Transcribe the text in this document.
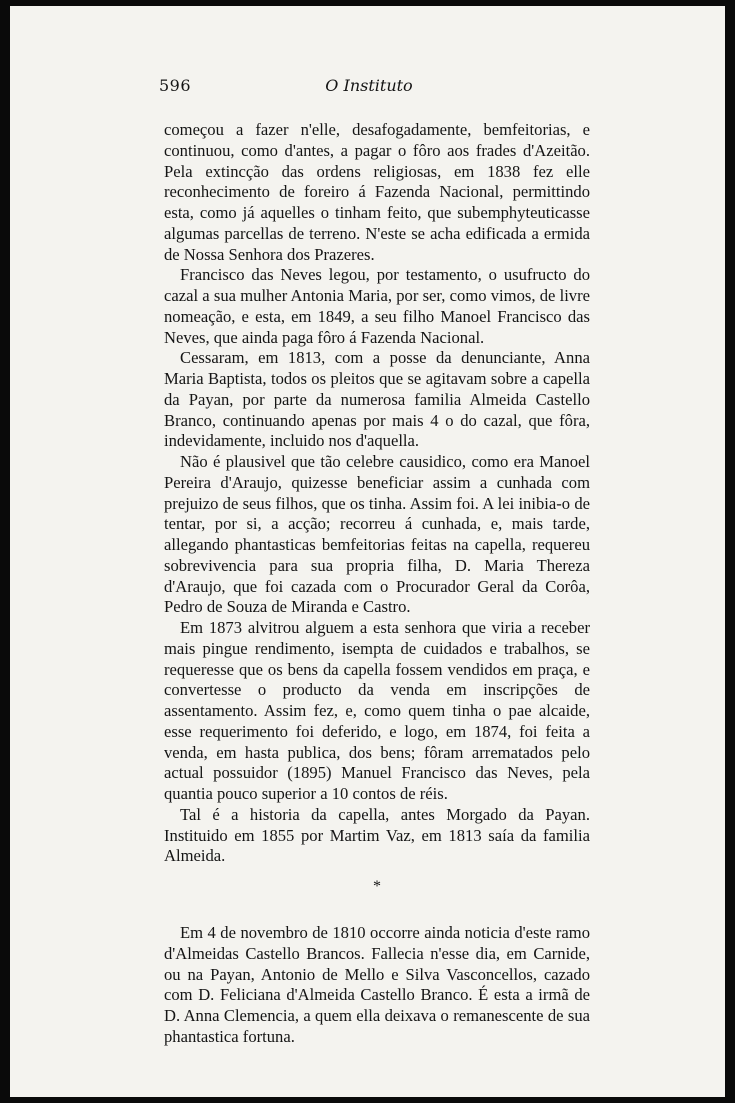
596	O Instituto

começou a fazer n'elle, desafogadamente, bemfeitorias, e continuou, como d'antes, a pagar o fôro aos frades d'Azeitão. Pela extincção das ordens religiosas, em 1838 fez elle reconhecimento de foreiro á Fazenda Nacional, permittindo esta, como já aquelles o tinham feito, que subemphyteuticasse algumas parcellas de terreno. N'este se acha edificada a ermida de Nossa Senhora dos Prazeres.

Francisco das Neves legou, por testamento, o usufructo do cazal a sua mulher Antonia Maria, por ser, como vimos, de livre nomeação, e esta, em 1849, a seu filho Manoel Francisco das Neves, que ainda paga fôro á Fazenda Nacional.

Cessaram, em 1813, com a posse da denunciante, Anna Maria Baptista, todos os pleitos que se agitavam sobre a capella da Payan, por parte da numerosa familia Almeida Castello Branco, continuando apenas por mais 4 o do cazal, que fôra, indevidamente, incluido nos d'aquella.

Não é plausivel que tão celebre causidico, como era Manoel Pereira d'Araujo, quizesse beneficiar assim a cunhada com prejuizo de seus filhos, que os tinha. Assim foi. A lei inibia-o de tentar, por si, a acção; recorreu á cunhada, e, mais tarde, allegando phantasticas bemfeitorias feitas na capella, requereu sobrevivencia para sua propria filha, D. Maria Thereza d'Araujo, que foi cazada com o Procurador Geral da Corôa, Pedro de Souza de Miranda e Castro.

Em 1873 alvitrou alguem a esta senhora que viria a receber mais pingue rendimento, isempta de cuidados e trabalhos, se requeresse que os bens da capella fossem vendidos em praça, e convertesse o producto da venda em inscripções de assentamento. Assim fez, e, como quem tinha o pae alcaide, esse requerimento foi deferido, e logo, em 1874, foi feita a venda, em hasta publica, dos bens; fôram arrematados pelo actual possuidor (1895) Manuel Francisco das Neves, pela quantia pouco superior a 10 contos de réis.

Tal é a historia da capella, antes Morgado da Payan. Instituido em 1855 por Martim Vaz, em 1813 saía da familia Almeida.

*

Em 4 de novembro de 1810 occorre ainda noticia d'este ramo d'Almeidas Castello Brancos. Fallecia n'esse dia, em Carnide, ou na Payan, Antonio de Mello e Silva Vasconcellos, cazado com D. Feliciana d'Almeida Castello Branco. É esta a irmã de D. Anna Clemencia, a quem ella deixava o remanescente de sua phantastica fortuna.
